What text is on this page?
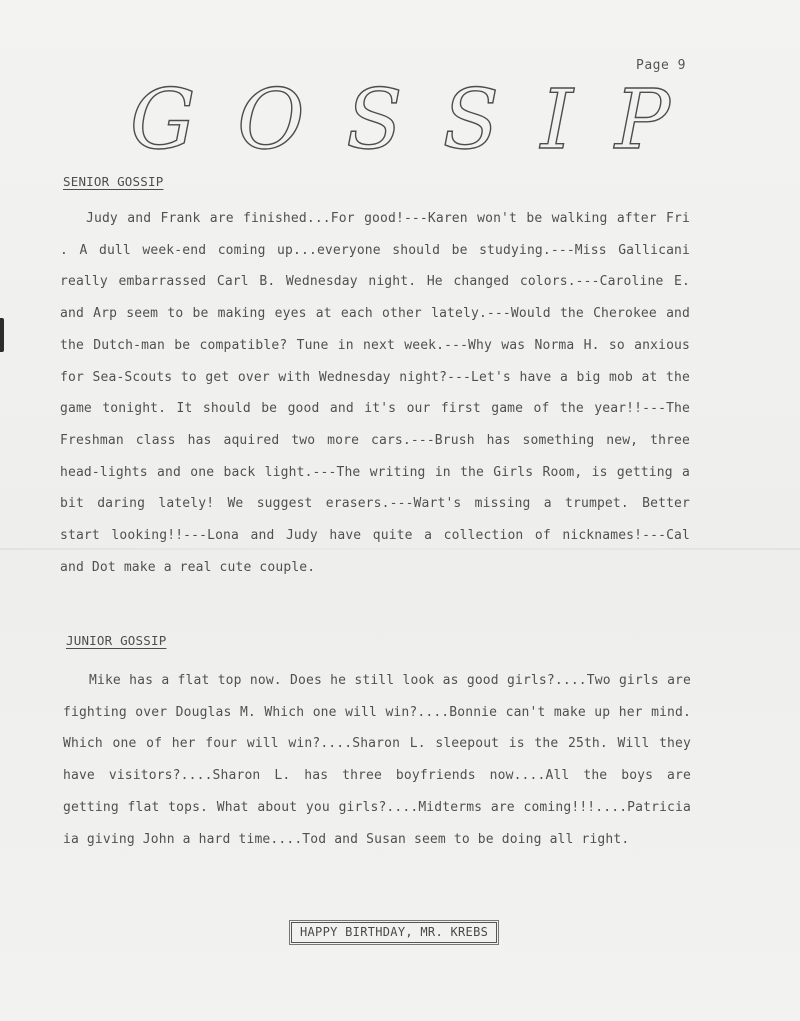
Page 9
GOSSIP
SENIOR GOSSIP

Judy and Frank are finished...For good!---Karen won't be walking after Fri . A dull week-end coming up...everyone should be studying.---Miss Gallicani really embarrassed Carl B. Wednesday night. He changed colors.---Caroline E. and Arp seem to be making eyes at each other lately.---Would the Cherokee and the Dutch-man be compatible? Tune in next week.---Why was Norma H. so anxious for Sea-Scouts to get over with Wednesday night?---Let's have a big mob at the game tonight. It should be good and it's our first game of the year!!---The Freshman class has aquired two more cars.---Brush has something new, three head-lights and one back light.---The writing in the Girls Room, is getting a bit daring lately! We suggest erasers.---Wart's missing a trumpet. Better start looking!!---Lona and Judy have quite a collection of nicknames!---Cal and Dot make a real cute couple.

JUNIOR GOSSIP

Mike has a flat top now. Does he still look as good girls?....Two girls are fighting over Douglas M. Which one will win?....Bonnie can't make up her mind. Which one of her four will win?....Sharon L. sleepout is the 25th. Will they have visitors?....Sharon L. has three boyfriends now....All the boys are getting flat tops. What about you girls?....Midterms are coming!!!....Patricia ia giving John a hard time....Tod and Susan seem to be doing all right.

HAPPY BIRTHDAY, MR. KREBS
